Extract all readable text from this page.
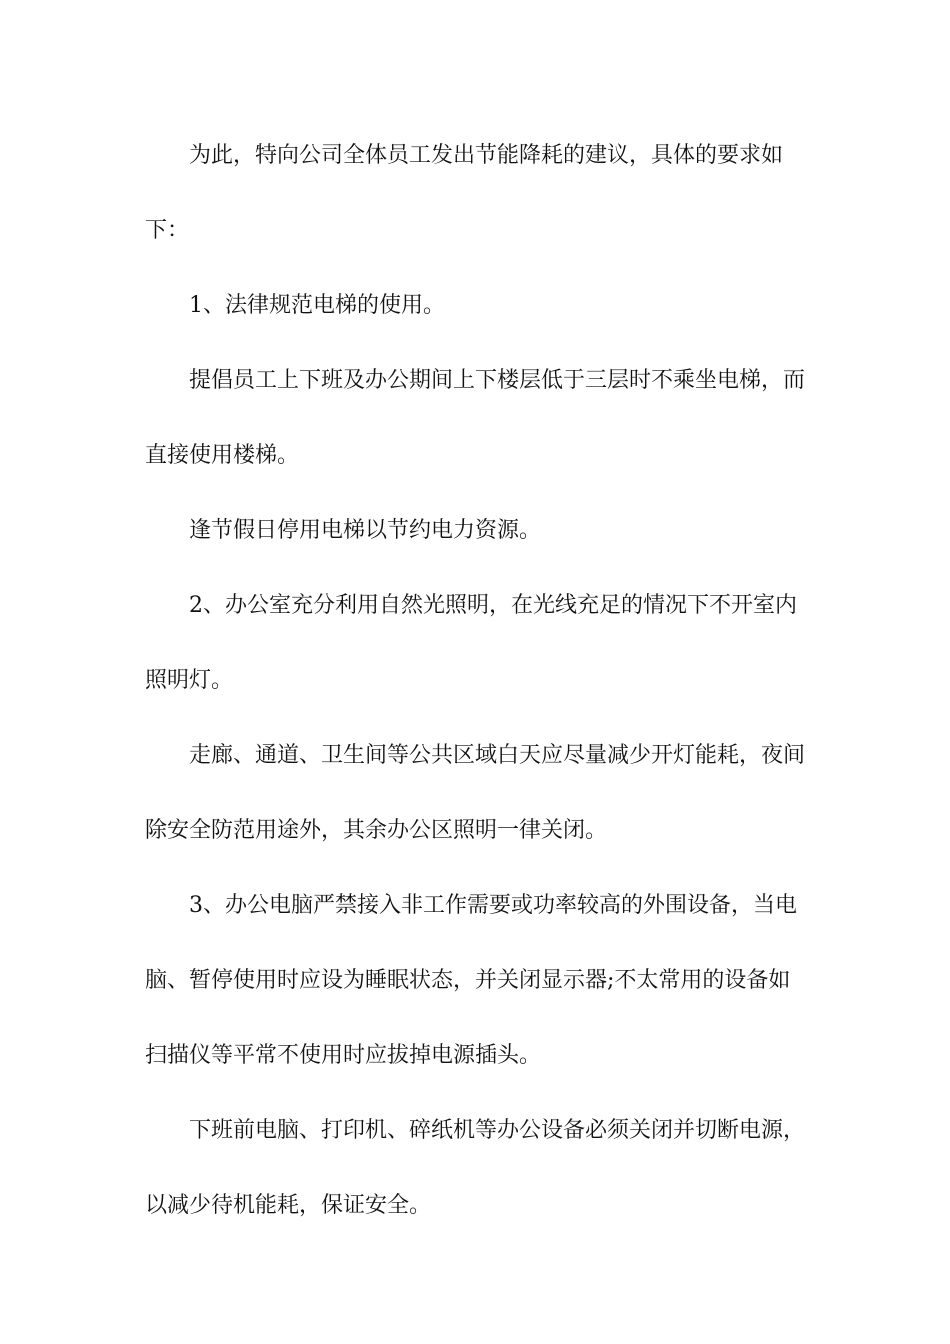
为此，特向公司全体员工发出节能降耗的建议，具体的要求如下：

1、法律规范电梯的使用。

提倡员工上下班及办公期间上下楼层低于三层时不乘坐电梯，而直接使用楼梯。

逢节假日停用电梯以节约电力资源。

2、办公室充分利用自然光照明，在光线充足的情况下不开室内照明灯。

走廊、通道、卫生间等公共区域白天应尽量减少开灯能耗，夜间除安全防范用途外，其余办公区照明一律关闭。

3、办公电脑严禁接入非工作需要或功率较高的外围设备，当电脑、暂停使用时应设为睡眠状态，并关闭显示器;不太常用的设备如扫描仪等平常不使用时应拔掉电源插头。

下班前电脑、打印机、碎纸机等办公设备必须关闭并切断电源，以减少待机能耗，保证安全。
